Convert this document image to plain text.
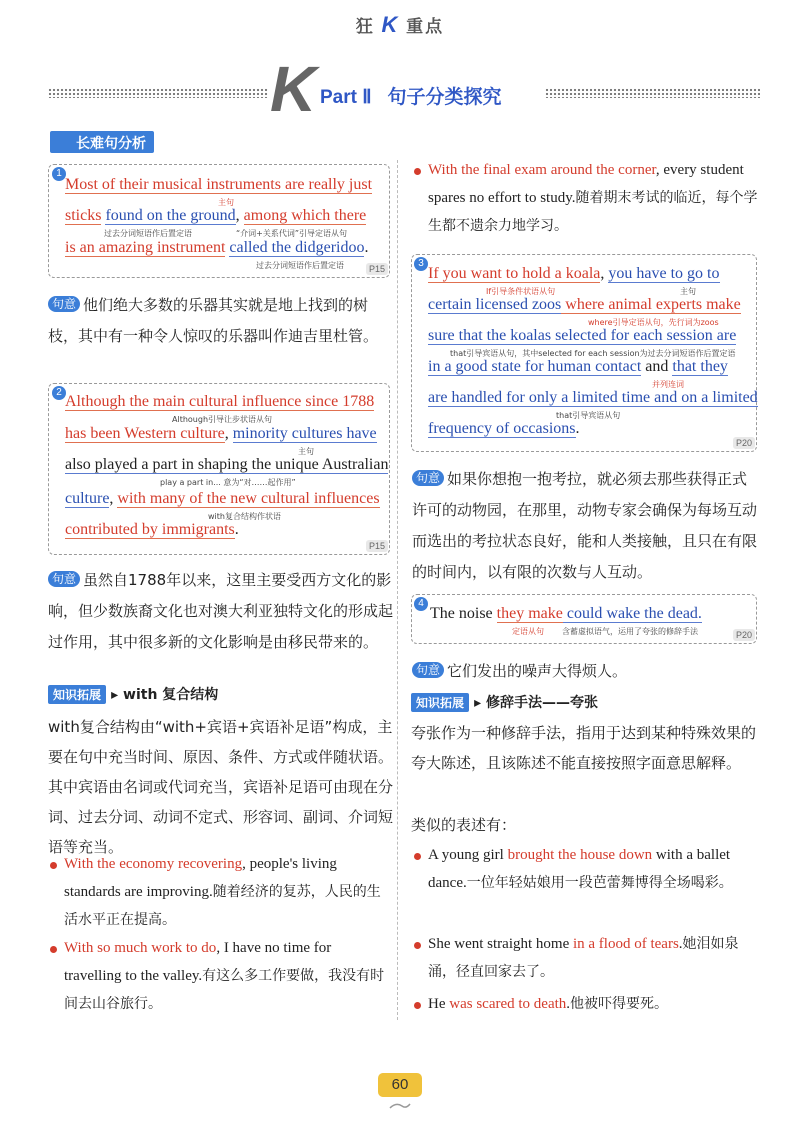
狂 K 重点
K Part Ⅱ 句子分类探究
长难句分析
1
Most of their musical instruments are really just
主句
sticks found on the ground, among which there
过去分词短语作后置定语	“介词+关系代词”引导定语从句
is an amazing instrument called the didgeridoo.
过去分词短语作后置定语	P15
句意 他们绝大多数的乐器其实就是地上找到的树枝，其中有一种令人惊叹的乐器叫作迪吉里杜管。
2
Although the main cultural influence since 1788
Although引导让步状语从句
has been Western culture, minority cultures have
主句
also played a part in shaping the unique Australian
play a part in... 意为“对……起作用”
culture, with many of the new cultural influences
with复合结构作状语
contributed by immigrants.
P15
句意 虽然自1788年以来，这里主要受西方文化的影响，但少数族裔文化也对澳大利亚独特文化的形成起过作用，其中很多新的文化影响是由移民带来的。
知识拓展 ▸ with 复合结构
with复合结构由“with+宾语+宾语补足语”构成，主要在句中充当时间、原因、条件、方式或伴随状语。其中宾语由名词或代词充当，宾语补足语可由现在分词、过去分词、动词不定式、形容词、副词、介词短语等充当。
With the economy recovering, people's living standards are improving.随着经济的复苏，人民的生活水平正在提高。
With so much work to do, I have no time for travelling to the valley.有这么多工作要做，我没有时间去山谷旅行。
With the final exam around the corner, every student spares no effort to study.随着期末考试的临近，每个学生都不遗余力地学习。
3
If you want to hold a koala, you have to go to
If引导条件状语从句	主句
certain licensed zoos where animal experts make
where引导定语从句，先行词为zoos
sure that the koalas selected for each session are
that引导宾语从句，其中selected for each session为过去分词短语作后置定语
in a good state for human contact and that they
并列连词
are handled for only a limited time and on a limited
that引导宾语从句
frequency of occasions.
P20
句意 如果你想抱一抱考拉，就必须去那些获得正式许可的动物园，在那里，动物专家会确保为每场互动而选出的考拉状态良好，能和人类接触，且只在有限的时间内，以有限的次数与人互动。
4
The noise they make could wake the dead.
定语从句 含蓄虚拟语气，运用了夸张的修辞手法	P20
句意 它们发出的噪声大得烦人。
知识拓展 ▸ 修辞手法——夸张
夸张作为一种修辞手法，指用于达到某种特殊效果的夸大陈述，且该陈述不能直接按照字面意思解释。
类似的表述有：
A young girl brought the house down with a ballet dance.一位年轻姑娘用一段芭蕾舞博得全场喝彩。
She went straight home in a flood of tears.她泪如泉涌，径直回家去了。
He was scared to death.他被吓得要死。
60
